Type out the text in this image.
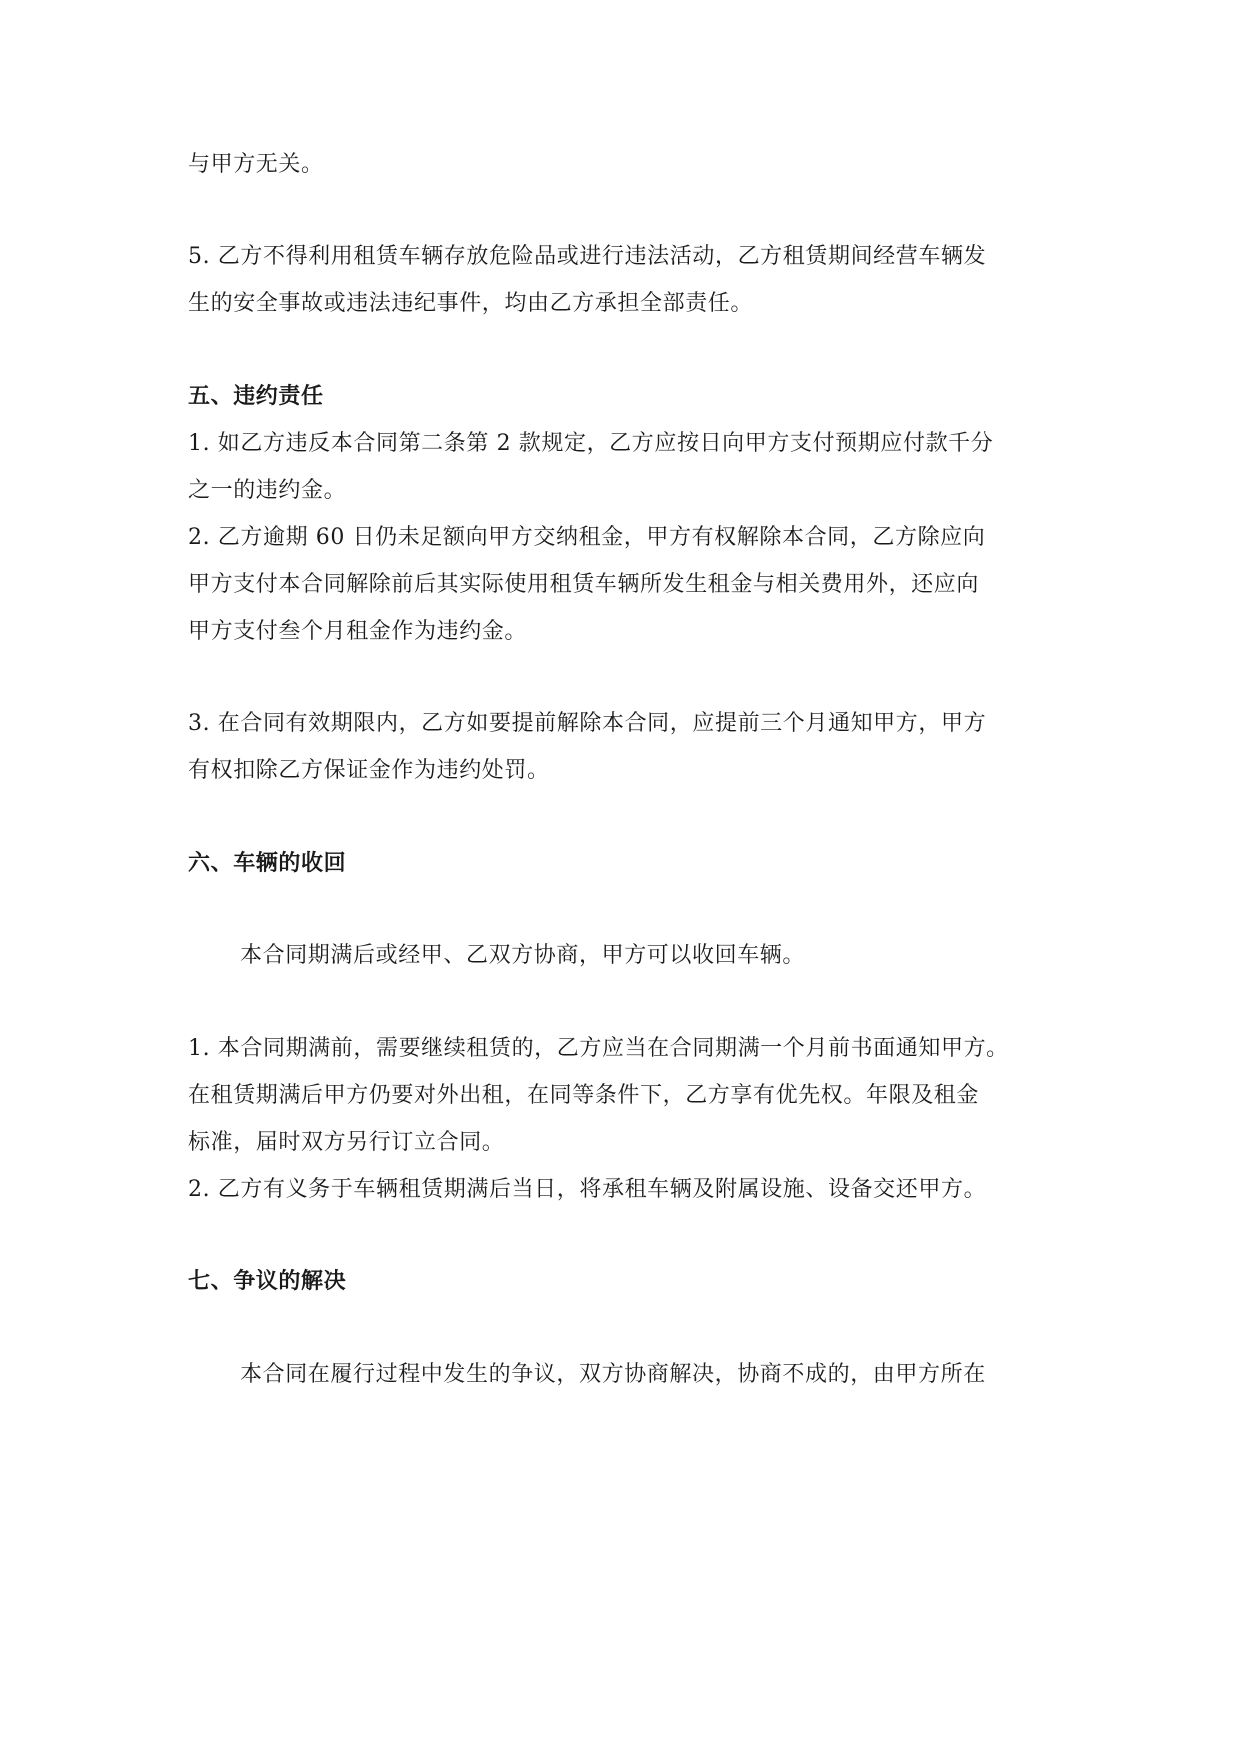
与甲方无关。
5. 乙方不得利用租赁车辆存放危险品或进行违法活动，乙方租赁期间经营车辆发
生的安全事故或违法违纪事件，均由乙方承担全部责任。
五、违约责任
1. 如乙方违反本合同第二条第 2 款规定，乙方应按日向甲方支付预期应付款千分
之一的违约金。
2. 乙方逾期 60 日仍未足额向甲方交纳租金，甲方有权解除本合同，乙方除应向
甲方支付本合同解除前后其实际使用租赁车辆所发生租金与相关费用外，还应向
甲方支付叁个月租金作为违约金。
3. 在合同有效期限内，乙方如要提前解除本合同，应提前三个月通知甲方，甲方
有权扣除乙方保证金作为违约处罚。
六、车辆的收回
本合同期满后或经甲、乙双方协商，甲方可以收回车辆。
1. 本合同期满前，需要继续租赁的，乙方应当在合同期满一个月前书面通知甲方。
在租赁期满后甲方仍要对外出租，在同等条件下，乙方享有优先权。年限及租金
标准，届时双方另行订立合同。
2. 乙方有义务于车辆租赁期满后当日，将承租车辆及附属设施、设备交还甲方。
七、争议的解决
本合同在履行过程中发生的争议，双方协商解决，协商不成的，由甲方所在
